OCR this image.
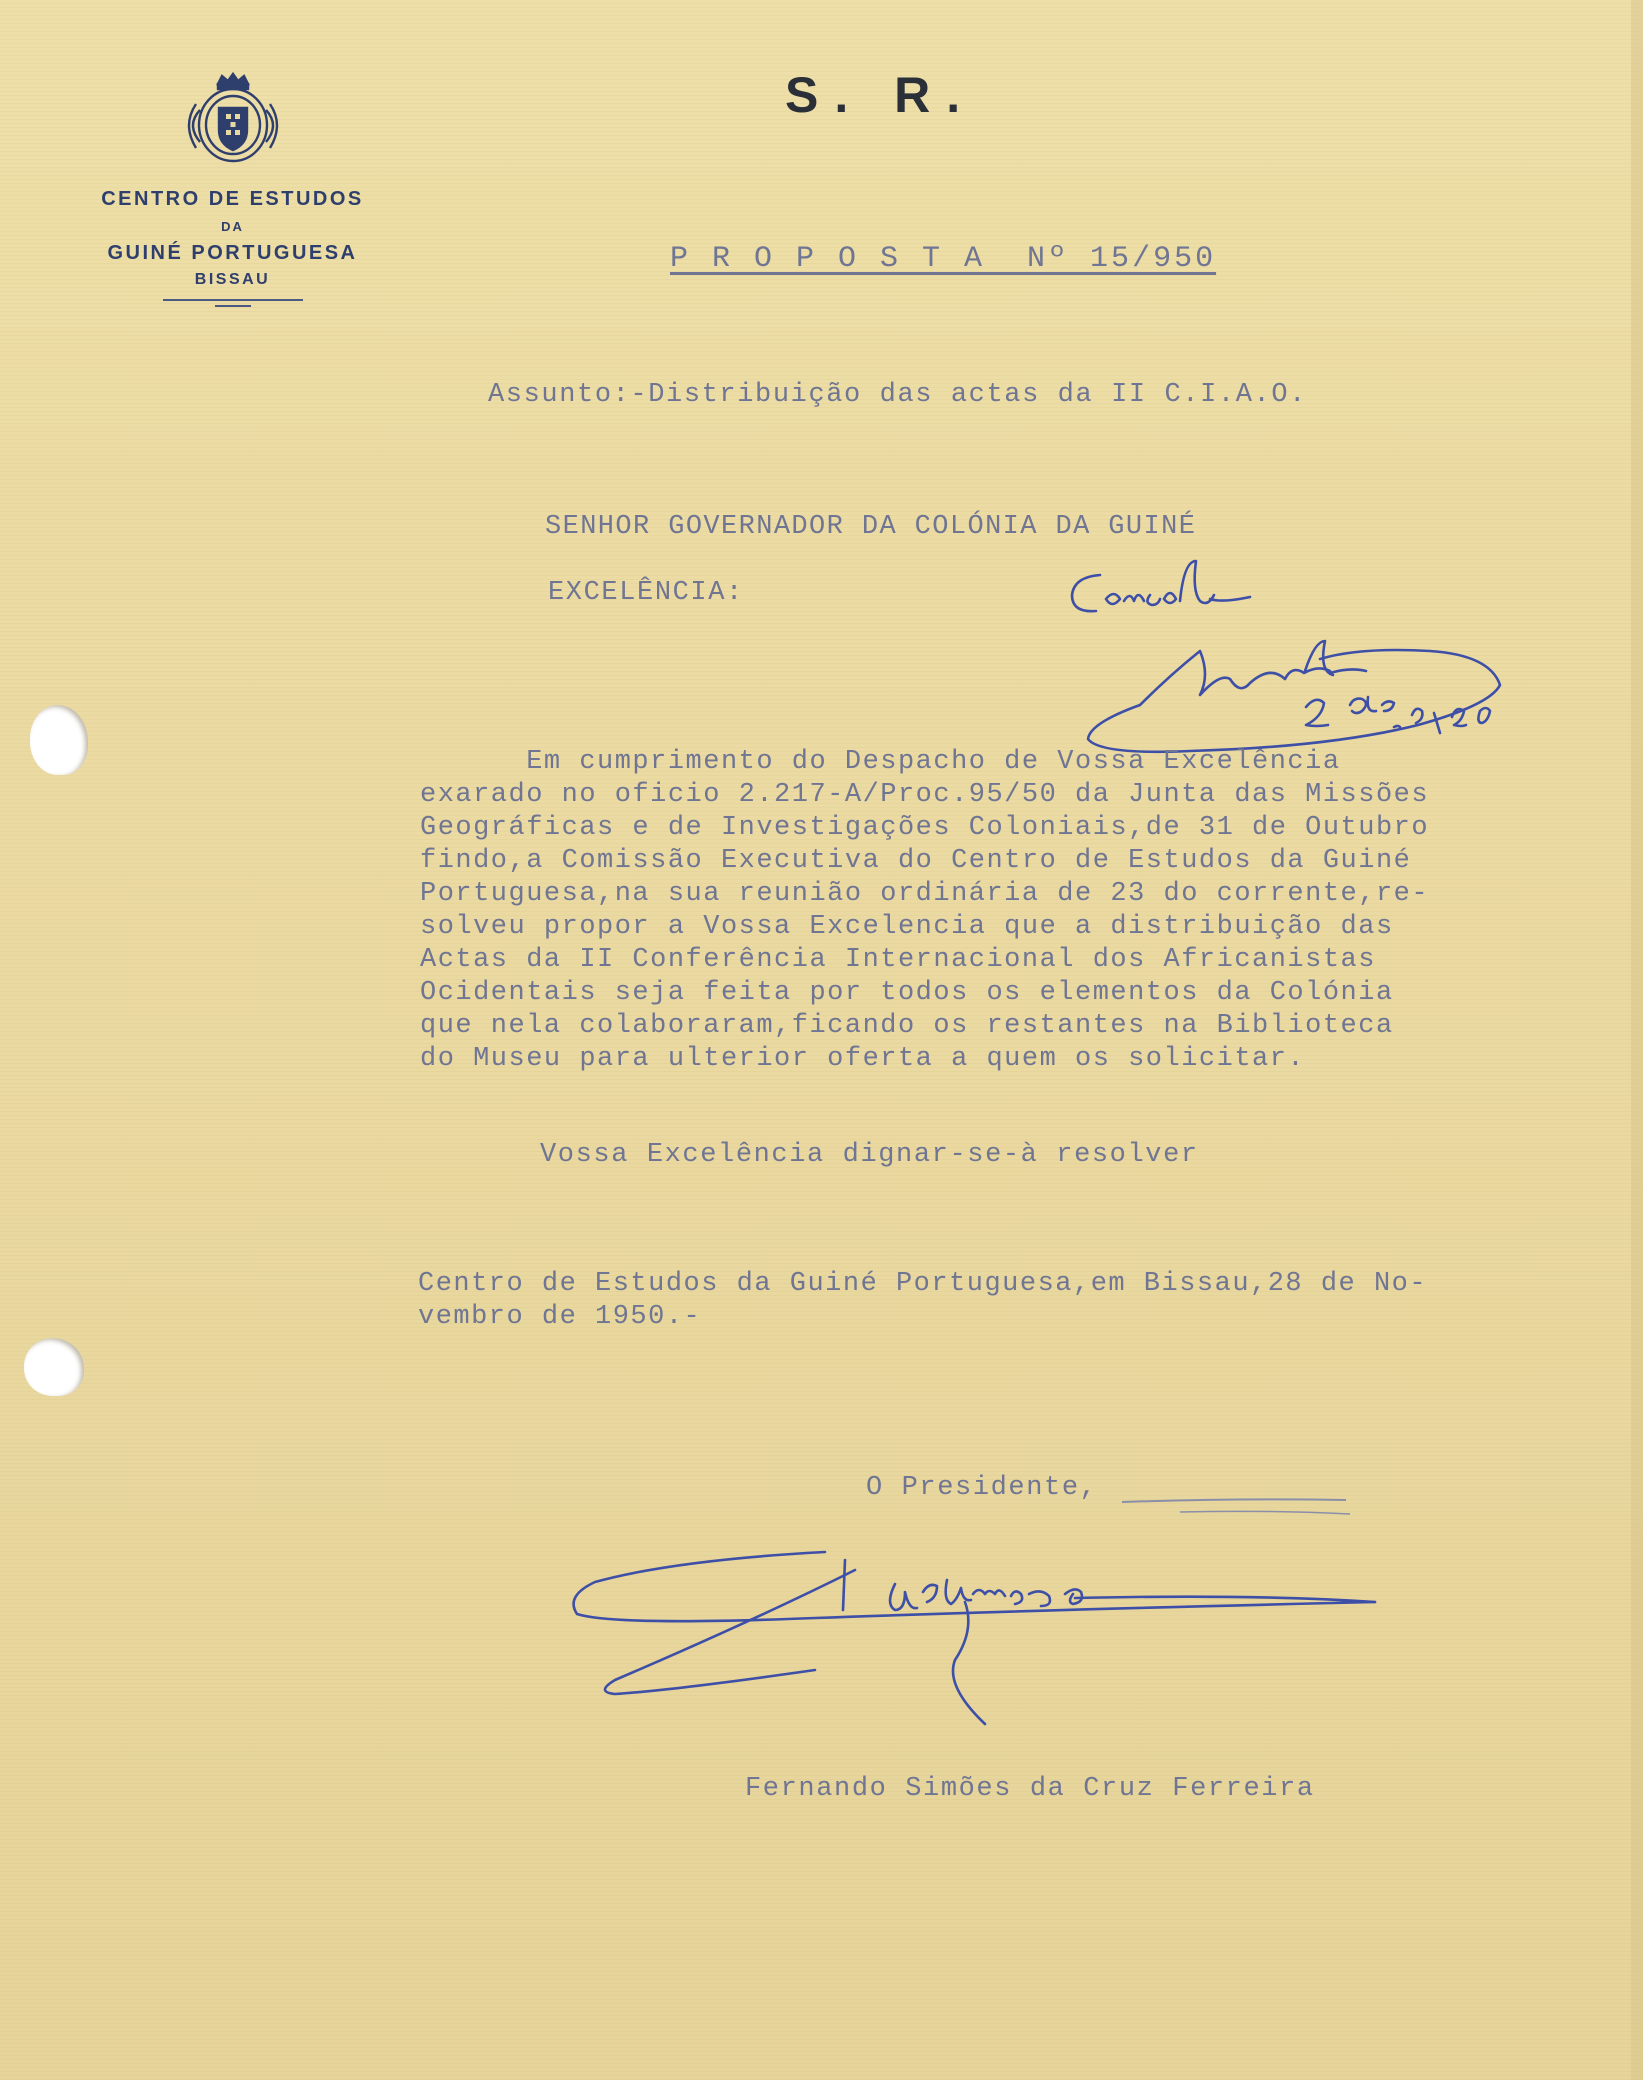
CENTRO DE ESTUDOS
DA
GUINÉ PORTUGUESA
BISSAU
S. R.
P R O P O S T A  Nº 15/950
Assunto:-Distribuição das actas da II C.I.A.O.
SENHOR GOVERNADOR DA COLÓNIA DA GUINÉ
EXCELÊNCIA:
Em cumprimento do Despacho de Vossa Excelência
exarado no oficio 2.217-A/Proc.95/50 da Junta das Missões
Geográficas e de Investigações Coloniais,de 31 de Outubro
findo,a Comissão Executiva do Centro de Estudos da Guiné
Portuguesa,na sua reunião ordinária de 23 do corrente,re-
solveu propor a Vossa Excelencia que a distribuição das
Actas da II Conferência Internacional dos Africanistas
Ocidentais seja feita por todos os elementos da Colónia
que nela colaboraram,ficando os restantes na Biblioteca
do Museu para ulterior oferta a quem os solicitar.
Vossa Excelência dignar-se-à resolver
Centro de Estudos da Guiné Portuguesa,em Bissau,28 de No-
vembro de 1950.-
O Presidente,
Fernando Simões da Cruz Ferreira
